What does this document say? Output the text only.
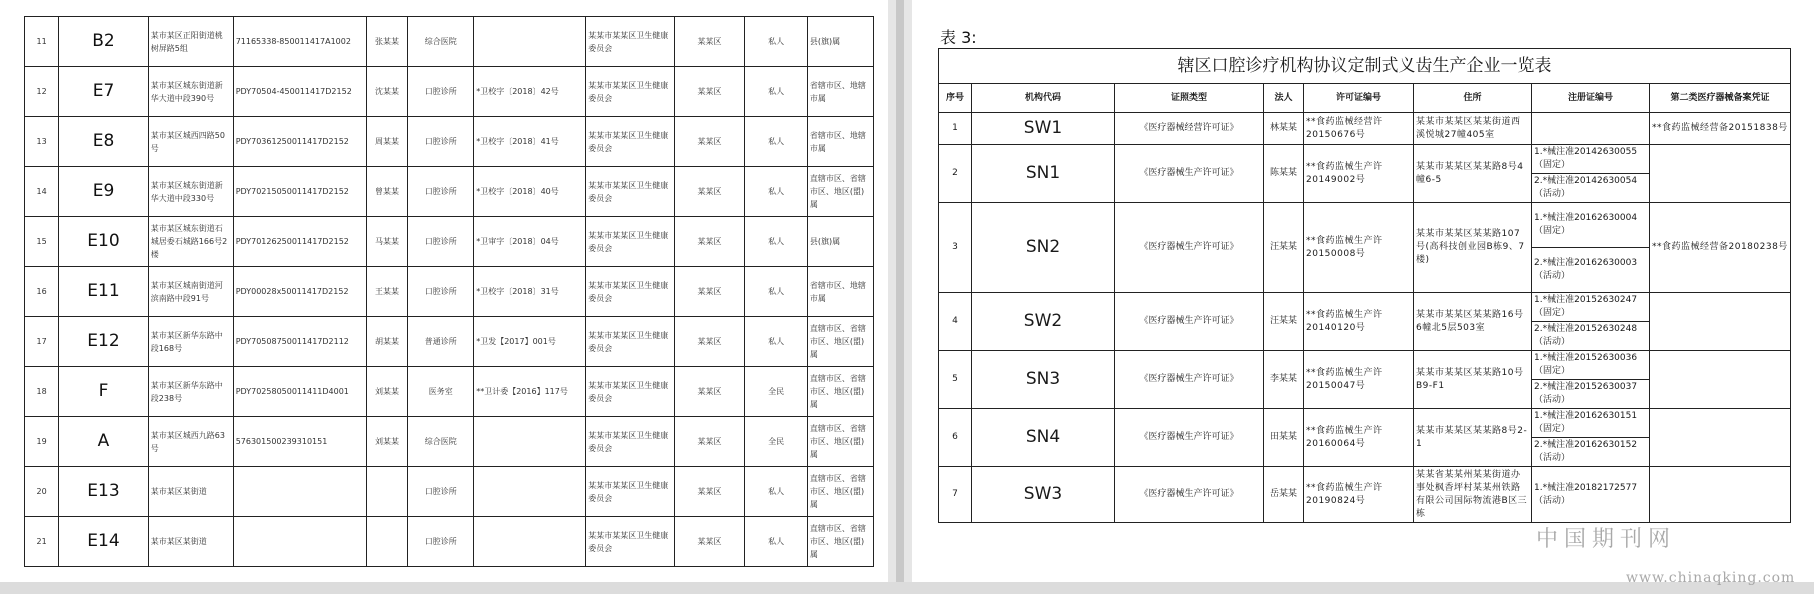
11	B2	某市某区正阳街道桃树屏路5组	71165338-850011417A1002	张某某	综合医院		某某市某某区卫生健康委员会	某某区	私人	县(旗)属
12	E7	某市某区城东街道新华大道中段390号	PDY70504-450011417D2152	沈某某	口腔诊所	*卫校字〔2018〕42号	某某市某某区卫生健康委员会	某某区	私人	省辖市区、地辖市属
13	E8	某市某区城西四路50号	PDY70361250011417D2152	周某某	口腔诊所	*卫校字〔2018〕41号	某某市某某区卫生健康委员会	某某区	私人	省辖市区、地辖市属
14	E9	某市某区城东街道新华大道中段330号	PDY70215050011417D2152	曾某某	口腔诊所	*卫校字〔2018〕40号	某某市某某区卫生健康委员会	某某区	私人	直辖市区、省辖市区、地区(盟)属
15	E10	某市某区城东街道石城居委石城路166号2楼	PDY70126250011417D2152	马某某	口腔诊所	*卫审字〔2018〕04号	某某市某某区卫生健康委员会	某某区	私人	县(旗)属
16	E11	某市某区城南街道河滨南路中段91号	PDY00028x50011417D2152	王某某	口腔诊所	*卫校字〔2018〕31号	某某市某某区卫生健康委员会	某某区	私人	省辖市区、地辖市属
17	E12	某市某区新华东路中段168号	PDY70508750011417D2112	胡某某	普通诊所	*卫发【2017】001号	某某市某某区卫生健康委员会	某某区	私人	直辖市区、省辖市区、地区(盟)属
18	F	某市某区新华东路中段238号	PDY70258050011411D4001	刘某某	医务室	**卫计委【2016】117号	某某市某某区卫生健康委员会	某某区	全民	直辖市区、省辖市区、地区(盟)属
19	A	某市某区城西九路63号	576301500239310151	刘某某	综合医院		某某市某某区卫生健康委员会	某某区	全民	直辖市区、省辖市区、地区(盟)属
20	E13	某市某区某街道			口腔诊所		某某市某某区卫生健康委员会	某某区	私人	直辖市区、省辖市区、地区(盟)属
21	E14	某市某区某街道			口腔诊所		某某市某某区卫生健康委员会	某某区	私人	直辖市区、省辖市区、地区(盟)属
表 3:
辖区口腔诊疗机构协议定制式义齿生产企业一览表							
序号	机构代码	证照类型	法人	许可证编号	住所	注册证编号	第二类医疗器械备案凭证
1	SW1	《医疗器械经营许可证》	林某某	**食药监械经营许20150676号	某某市某某区某某街道西溪悦城27幢405室		**食药监械经营备20151838号
2	SN1	《医疗器械生产许可证》	陈某某	**食药监械生产许20149002号	某某市某某区某某路8号4幢6-5	1.*械注准20142630055（固定）	
						2.*械注准20142630054（活动）	
3	SN2	《医疗器械生产许可证》	汪某某	**食药监械生产许20150008号	某某市某某区某某路107号(高科技创业园B栋9、7楼)	1.*械注准20162630004（固定）	**食药监械经营备20180238号
						2.*械注准20162630003（活动）	
4	SW2	《医疗器械生产许可证》	汪某某	**食药监械生产许20140120号	某某市某某区某某路16号6幢北5层503室	1.*械注准20152630247（固定）	
						2.*械注准20152630248（活动）	
5	SN3	《医疗器械生产许可证》	李某某	**食药监械生产许20150047号	某某市某某区某某路10号B9-F1	1.*械注准20152630036（固定）	
						2.*械注准20152630037（活动）	
6	SN4	《医疗器械生产许可证》	田某某	**食药监械生产许20160064号	某某市某某区某某路8号2-1	1.*械注准20162630151（固定）	
						2.*械注准20162630152（活动）	
7	SW3	《医疗器械生产许可证》	岳某某	**食药监械生产许20190824号	某某省某某州某某街道办事处枫香坪村某某州铁路有限公司国际物流港B区三栋	1.*械注准20182172577（活动）	
中国期刊网
www.chinaqking.com
